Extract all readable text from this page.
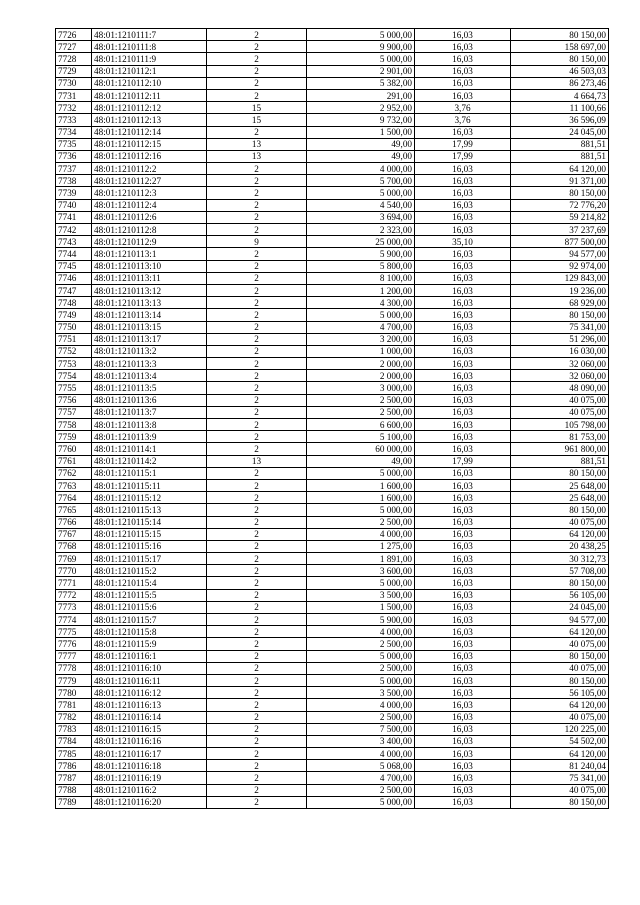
7726	48:01:1210111:7	2	5 000,00	16,03	80 150,00
7727	48:01:1210111:8	2	9 900,00	16,03	158 697,00
7728	48:01:1210111:9	2	5 000,00	16,03	80 150,00
7729	48:01:1210112:1	2	2 901,00	16,03	46 503,03
7730	48:01:1210112:10	2	5 382,00	16,03	86 273,46
7731	48:01:1210112:11	2	291,00	16,03	4 664,73
7732	48:01:1210112:12	15	2 952,00	3,76	11 100,66
7733	48:01:1210112:13	15	9 732,00	3,76	36 596,09
7734	48:01:1210112:14	2	1 500,00	16,03	24 045,00
7735	48:01:1210112:15	13	49,00	17,99	881,51
7736	48:01:1210112:16	13	49,00	17,99	881,51
7737	48:01:1210112:2	2	4 000,00	16,03	64 120,00
7738	48:01:1210112:27	2	5 700,00	16,03	91 371,00
7739	48:01:1210112:3	2	5 000,00	16,03	80 150,00
7740	48:01:1210112:4	2	4 540,00	16,03	72 776,20
7741	48:01:1210112:6	2	3 694,00	16,03	59 214,82
7742	48:01:1210112:8	2	2 323,00	16,03	37 237,69
7743	48:01:1210112:9	9	25 000,00	35,10	877 500,00
7744	48:01:1210113:1	2	5 900,00	16,03	94 577,00
7745	48:01:1210113:10	2	5 800,00	16,03	92 974,00
7746	48:01:1210113:11	2	8 100,00	16,03	129 843,00
7747	48:01:1210113:12	2	1 200,00	16,03	19 236,00
7748	48:01:1210113:13	2	4 300,00	16,03	68 929,00
7749	48:01:1210113:14	2	5 000,00	16,03	80 150,00
7750	48:01:1210113:15	2	4 700,00	16,03	75 341,00
7751	48:01:1210113:17	2	3 200,00	16,03	51 296,00
7752	48:01:1210113:2	2	1 000,00	16,03	16 030,00
7753	48:01:1210113:3	2	2 000,00	16,03	32 060,00
7754	48:01:1210113:4	2	2 000,00	16,03	32 060,00
7755	48:01:1210113:5	2	3 000,00	16,03	48 090,00
7756	48:01:1210113:6	2	2 500,00	16,03	40 075,00
7757	48:01:1210113:7	2	2 500,00	16,03	40 075,00
7758	48:01:1210113:8	2	6 600,00	16,03	105 798,00
7759	48:01:1210113:9	2	5 100,00	16,03	81 753,00
7760	48:01:1210114:1	2	60 000,00	16,03	961 800,00
7761	48:01:1210114:2	13	49,00	17,99	881,51
7762	48:01:1210115:1	2	5 000,00	16,03	80 150,00
7763	48:01:1210115:11	2	1 600,00	16,03	25 648,00
7764	48:01:1210115:12	2	1 600,00	16,03	25 648,00
7765	48:01:1210115:13	2	5 000,00	16,03	80 150,00
7766	48:01:1210115:14	2	2 500,00	16,03	40 075,00
7767	48:01:1210115:15	2	4 000,00	16,03	64 120,00
7768	48:01:1210115:16	2	1 275,00	16,03	20 438,25
7769	48:01:1210115:17	2	1 891,00	16,03	30 312,73
7770	48:01:1210115:2	2	3 600,00	16,03	57 708,00
7771	48:01:1210115:4	2	5 000,00	16,03	80 150,00
7772	48:01:1210115:5	2	3 500,00	16,03	56 105,00
7773	48:01:1210115:6	2	1 500,00	16,03	24 045,00
7774	48:01:1210115:7	2	5 900,00	16,03	94 577,00
7775	48:01:1210115:8	2	4 000,00	16,03	64 120,00
7776	48:01:1210115:9	2	2 500,00	16,03	40 075,00
7777	48:01:1210116:1	2	5 000,00	16,03	80 150,00
7778	48:01:1210116:10	2	2 500,00	16,03	40 075,00
7779	48:01:1210116:11	2	5 000,00	16,03	80 150,00
7780	48:01:1210116:12	2	3 500,00	16,03	56 105,00
7781	48:01:1210116:13	2	4 000,00	16,03	64 120,00
7782	48:01:1210116:14	2	2 500,00	16,03	40 075,00
7783	48:01:1210116:15	2	7 500,00	16,03	120 225,00
7784	48:01:1210116:16	2	3 400,00	16,03	54 502,00
7785	48:01:1210116:17	2	4 000,00	16,03	64 120,00
7786	48:01:1210116:18	2	5 068,00	16,03	81 240,04
7787	48:01:1210116:19	2	4 700,00	16,03	75 341,00
7788	48:01:1210116:2	2	2 500,00	16,03	40 075,00
7789	48:01:1210116:20	2	5 000,00	16,03	80 150,00
